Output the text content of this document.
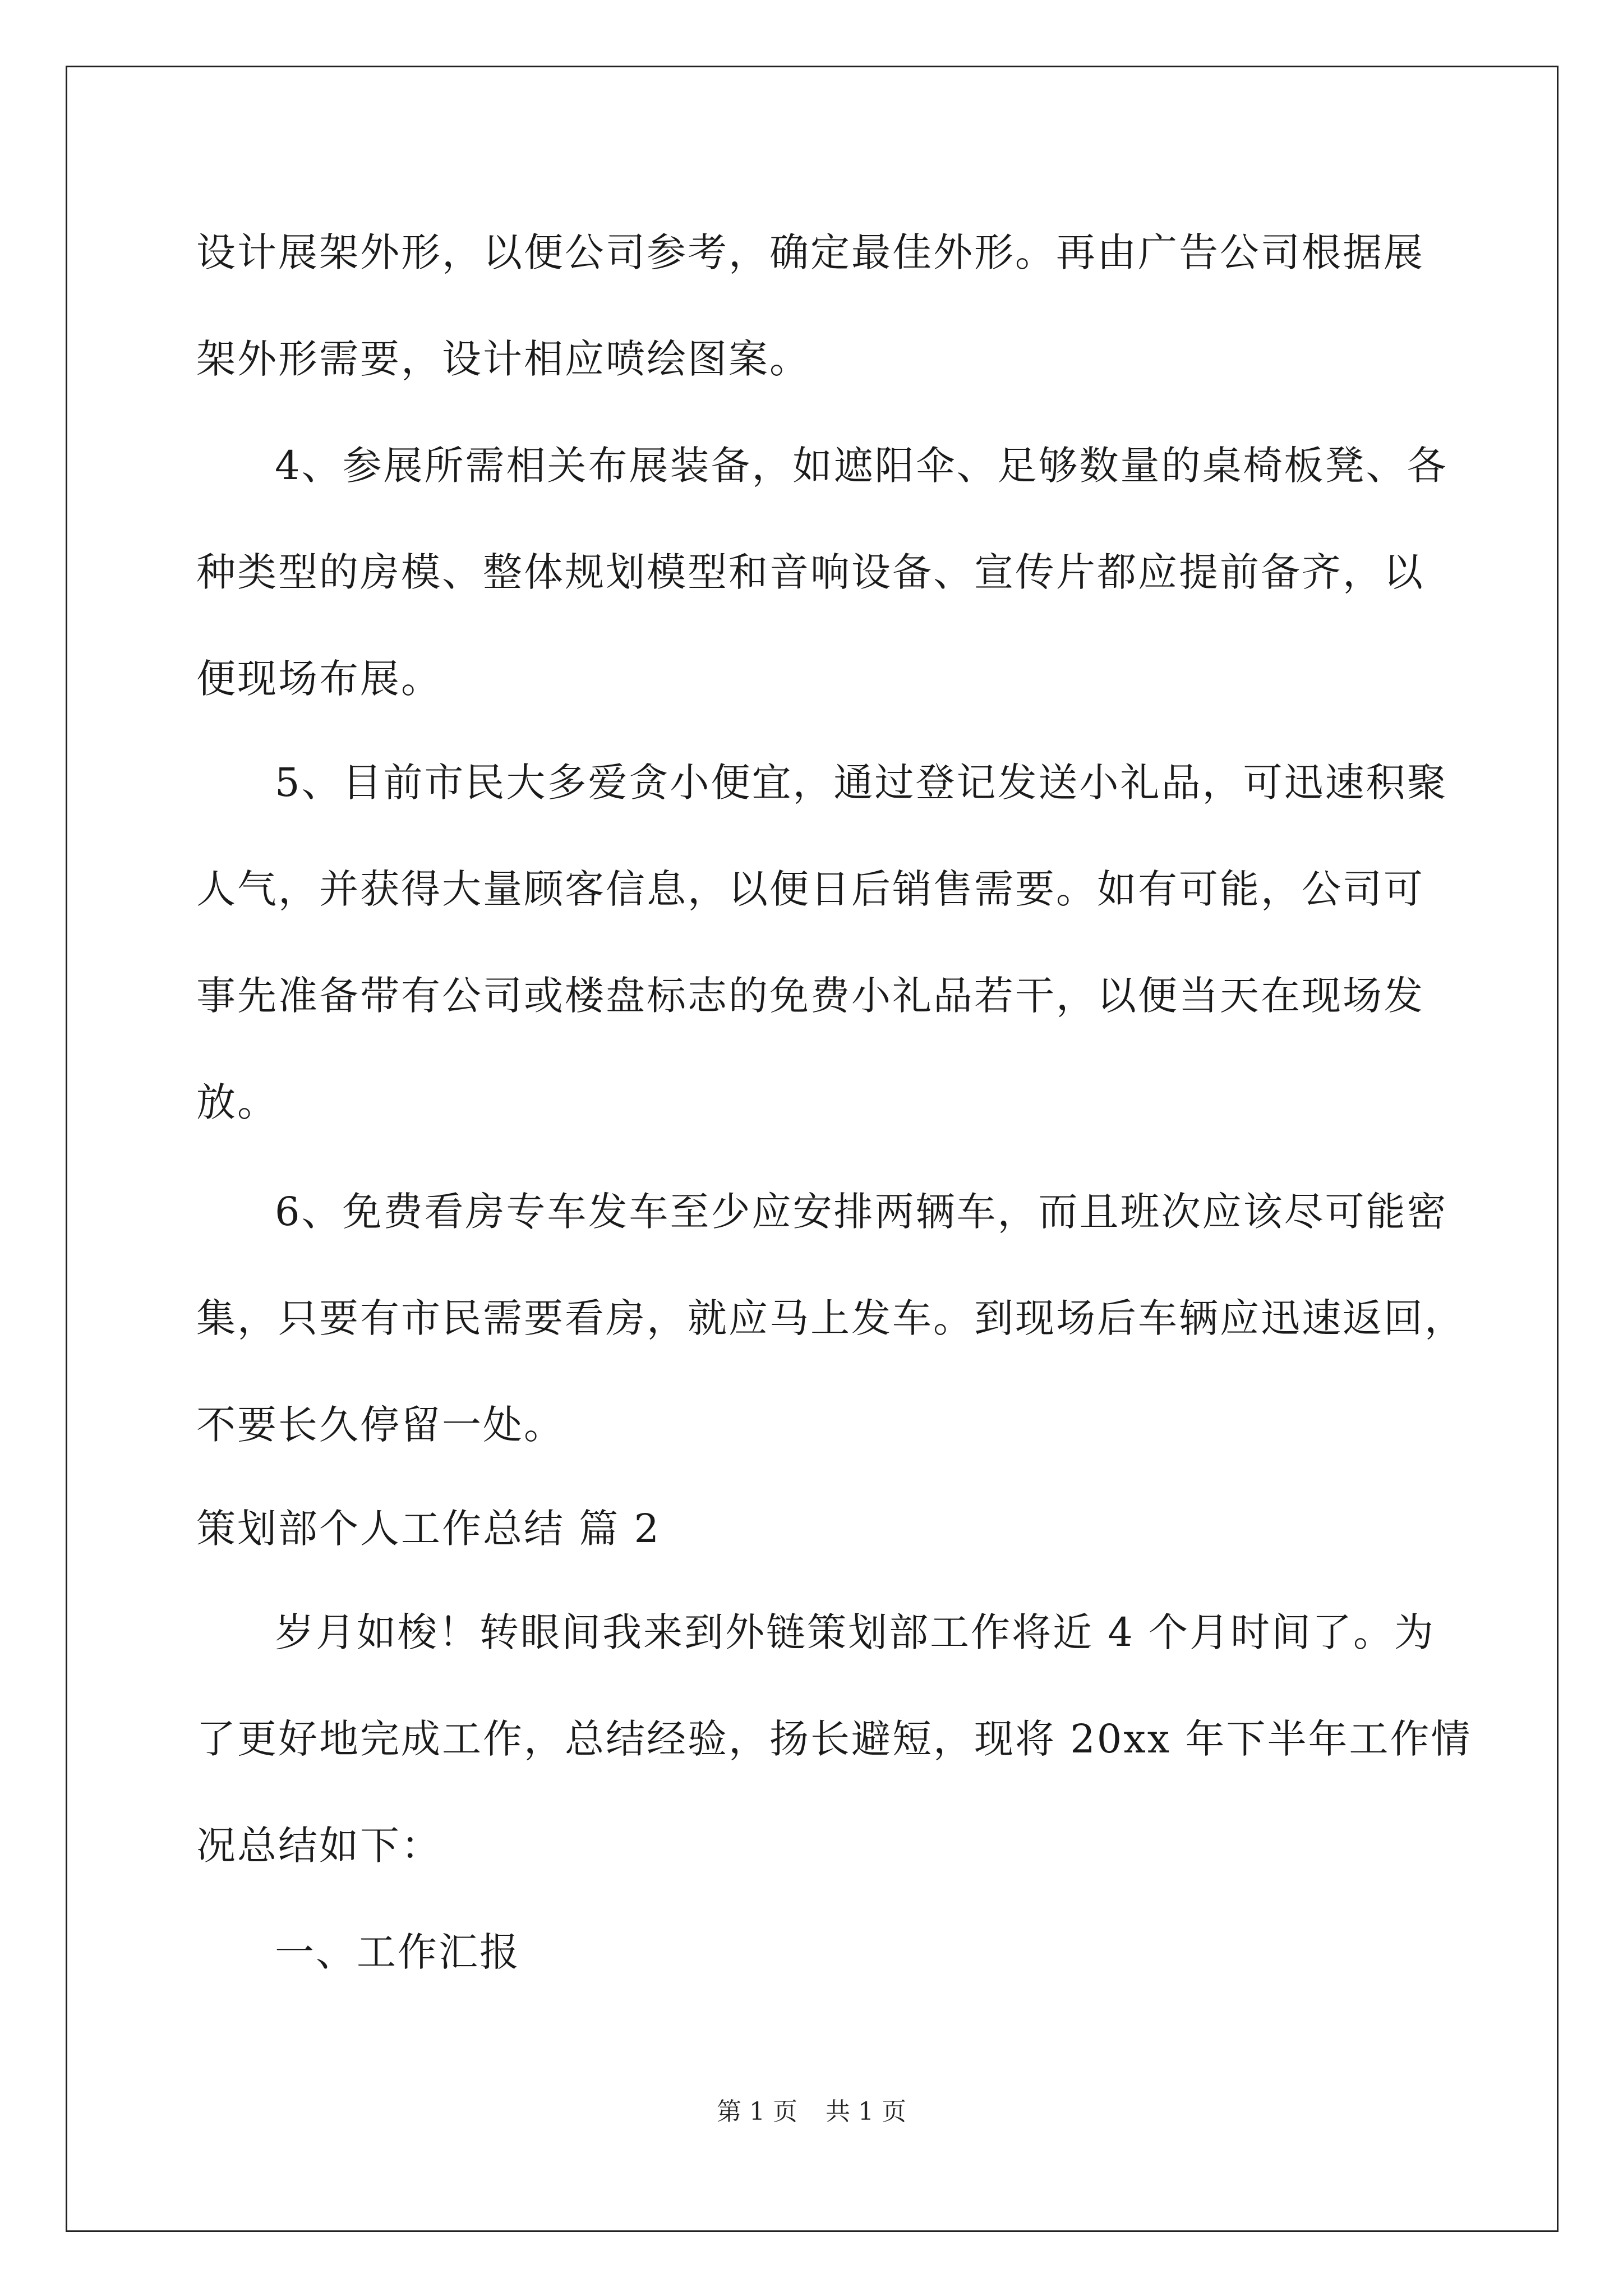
设计展架外形，以便公司参考，确定最佳外形。再由广告公司根据展
架外形需要，设计相应喷绘图案。
4、参展所需相关布展装备，如遮阳伞、足够数量的桌椅板凳、各
种类型的房模、整体规划模型和音响设备、宣传片都应提前备齐，以
便现场布展。
5、目前市民大多爱贪小便宜，通过登记发送小礼品，可迅速积聚
人气，并获得大量顾客信息，以便日后销售需要。如有可能，公司可
事先准备带有公司或楼盘标志的免费小礼品若干，以便当天在现场发
放。
6、免费看房专车发车至少应安排两辆车，而且班次应该尽可能密
集，只要有市民需要看房，就应马上发车。到现场后车辆应迅速返回，
不要长久停留一处。
策划部个人工作总结 篇 2
岁月如梭！转眼间我来到外链策划部工作将近 4 个月时间了。为
了更好地完成工作，总结经验，扬长避短，现将 20xx 年下半年工作情
况总结如下：
一、工作汇报
第 1 页 共 1 页
